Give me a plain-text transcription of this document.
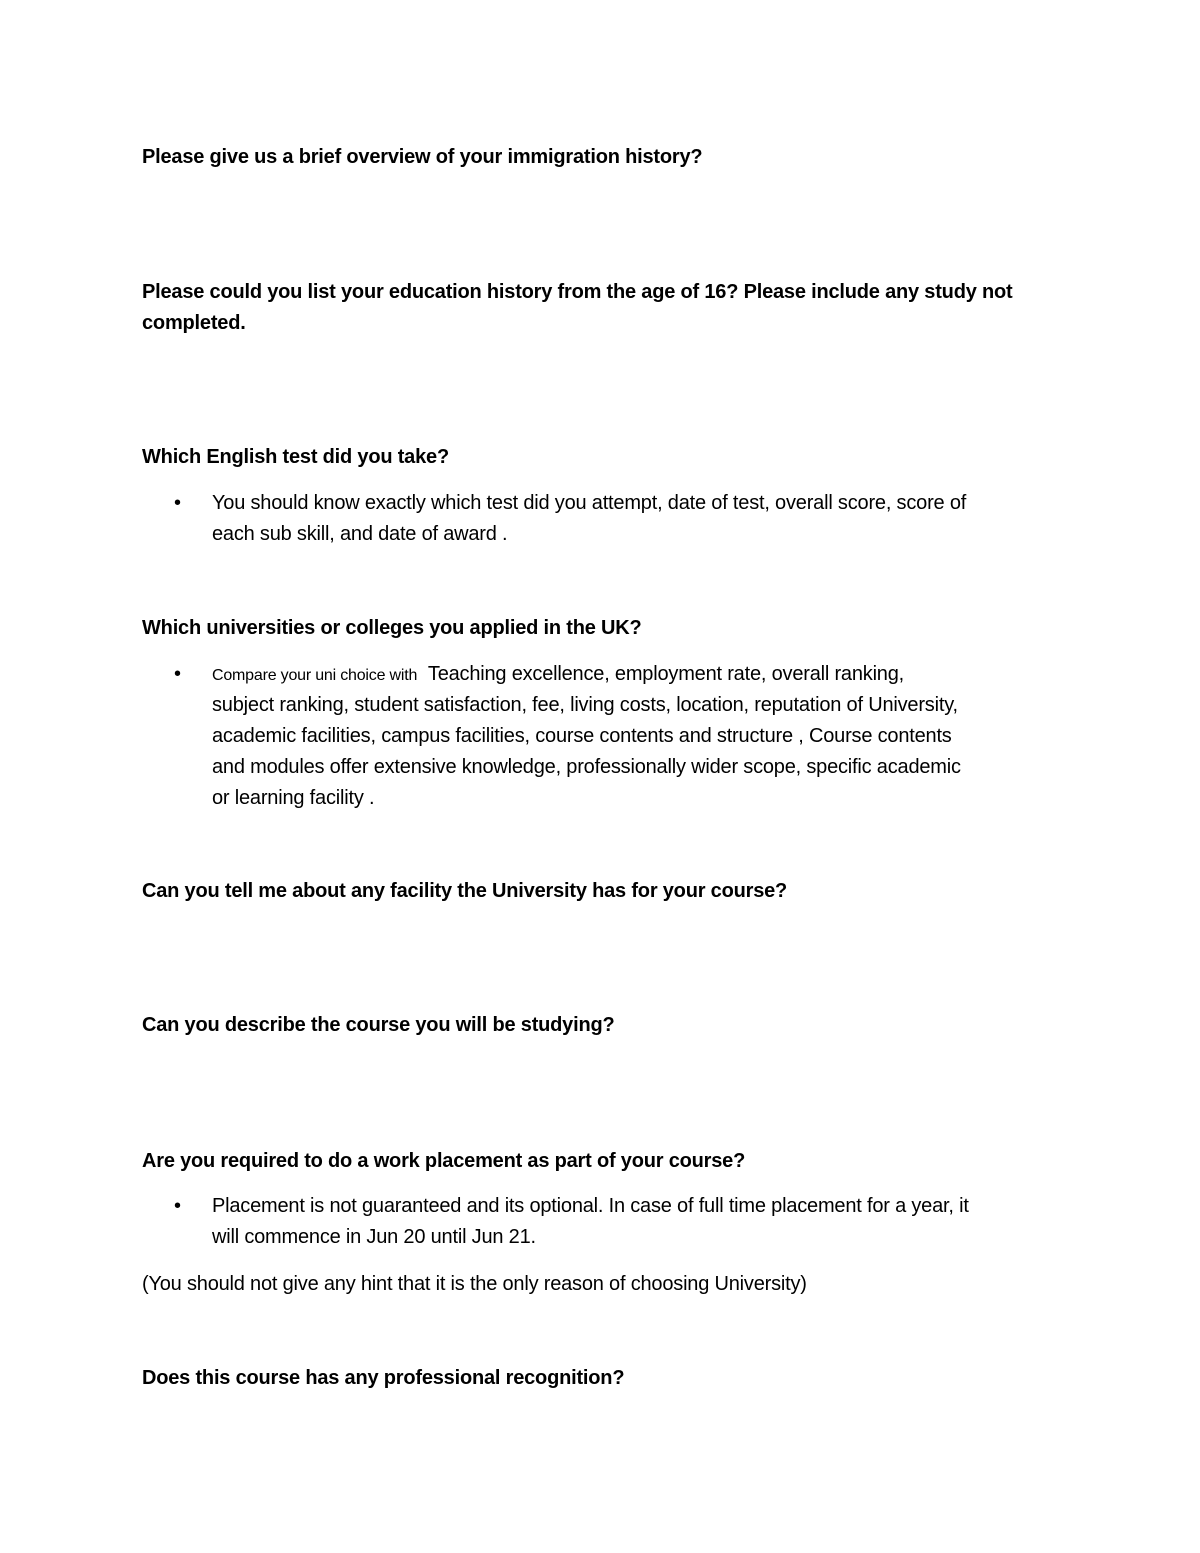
Please give us a brief overview of your immigration history?

Please could you list your education history from the age of 16? Please include any study not

completed.

Which English test did you take?

• You should know exactly which test did you attempt, date of test, overall score, score of

each sub skill, and date of award .

Which universities or colleges you applied in the UK?

• Compare your uni choice with Teaching excellence, employment rate, overall ranking,

subject ranking, student satisfaction, fee, living costs, location, reputation of University,

academic facilities, campus facilities, course contents and structure , Course contents

and modules offer extensive knowledge, professionally wider scope, specific academic

or learning facility .

Can you tell me about any facility the University has for your course?

Can you describe the course you will be studying?

Are you required to do a work placement as part of your course?

• Placement is not guaranteed and its optional. In case of full time placement for a year, it

will commence in Jun 20 until Jun 21.

(You should not give any hint that it is the only reason of choosing University)

Does this course has any professional recognition?
